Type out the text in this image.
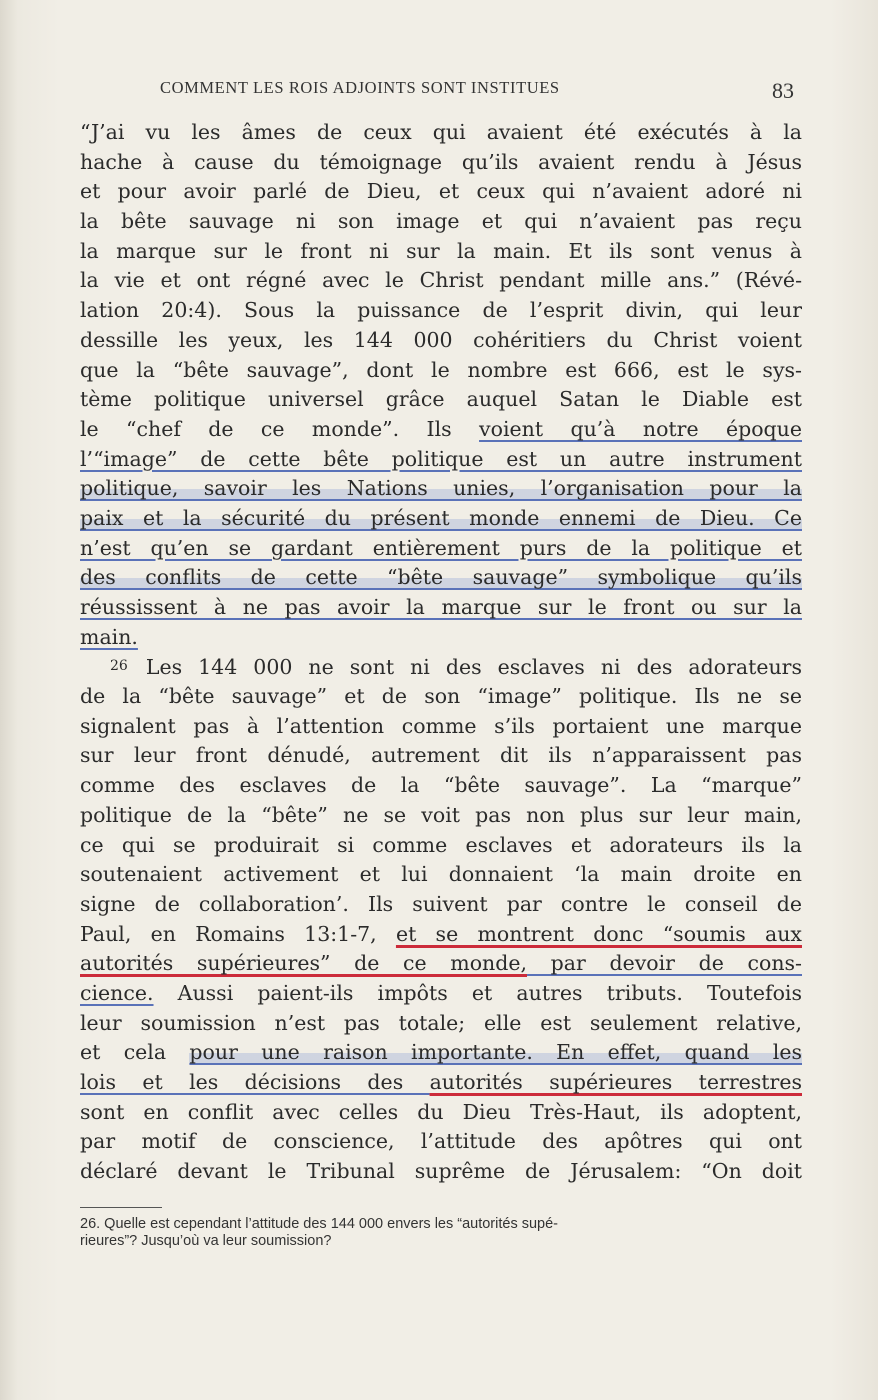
COMMENT LES ROIS ADJOINTS SONT INSTITUES	83
“J’ai vu les âmes de ceux qui avaient été exécutés à la
hache à cause du témoignage qu’ils avaient rendu à Jésus
et pour avoir parlé de Dieu, et ceux qui n’avaient adoré ni
la bête sauvage ni son image et qui n’avaient pas reçu
la marque sur le front ni sur la main. Et ils sont venus à
la vie et ont régné avec le Christ pendant mille ans.” (Révé-
lation 20:4). Sous la puissance de l’esprit divin, qui leur
dessille les yeux, les 144 000 cohéritiers du Christ voient
que la “bête sauvage”, dont le nombre est 666, est le sys-
tème politique universel grâce auquel Satan le Diable est
le “chef de ce monde”. Ils voient qu’à notre époque
l’“image” de cette bête politique est un autre instrument
politique, savoir les Nations unies, l’organisation pour la
paix et la sécurité du présent monde ennemi de Dieu. Ce
n’est qu’en se gardant entièrement purs de la politique et
des conflits de cette “bête sauvage” symbolique qu’ils
réussissent à ne pas avoir la marque sur le front ou sur la
main.
26 Les 144 000 ne sont ni des esclaves ni des adorateurs
de la “bête sauvage” et de son “image” politique. Ils ne se
signalent pas à l’attention comme s’ils portaient une marque
sur leur front dénudé, autrement dit ils n’apparaissent pas
comme des esclaves de la “bête sauvage”. La “marque”
politique de la “bête” ne se voit pas non plus sur leur main,
ce qui se produirait si comme esclaves et adorateurs ils la
soutenaient activement et lui donnaient ‘la main droite en
signe de collaboration’. Ils suivent par contre le conseil de
Paul, en Romains 13:1-7, et se montrent donc “soumis aux
autorités supérieures” de ce monde, par devoir de cons-
cience. Aussi paient-ils impôts et autres tributs. Toutefois
leur soumission n’est pas totale; elle est seulement relative,
et cela pour une raison importante. En effet, quand les
lois et les décisions des autorités supérieures terrestres
sont en conflit avec celles du Dieu Très-Haut, ils adoptent,
par motif de conscience, l’attitude des apôtres qui ont
déclaré devant le Tribunal suprême de Jérusalem: “On doit
26. Quelle est cependant l’attitude des 144 000 envers les “autorités supé-
rieures”? Jusqu’où va leur soumission?
